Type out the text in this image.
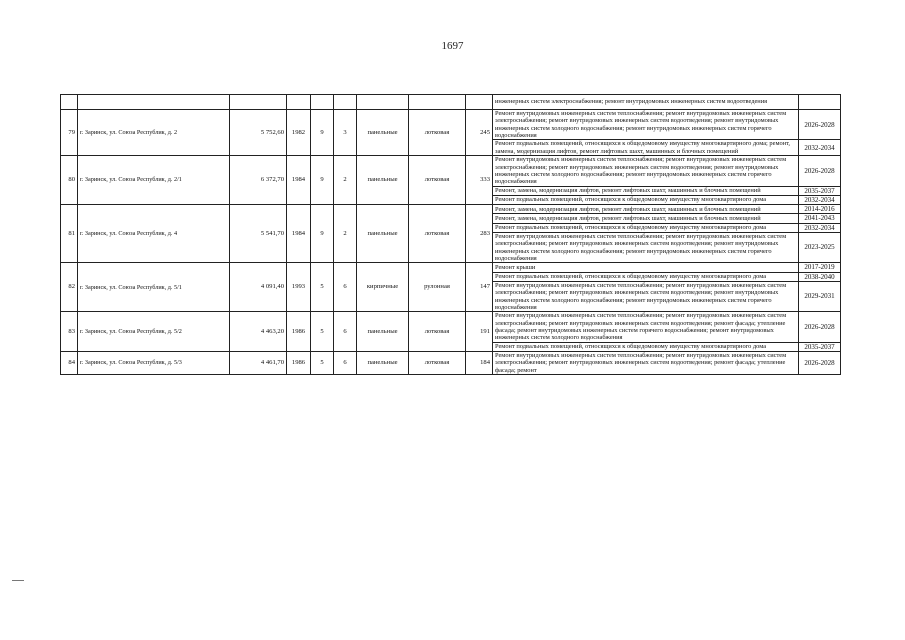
1697
									инженерных систем электроснабжения; ремонт внутридомовых инженерных систем водоотведения	
79	г. Заринск, ул. Союза Республик, д. 2	5 752,60	1982	9	3	панельные	лотковая	245	Ремонт внутридомовых инженерных систем теплоснабжения; ремонт внутридомовых инженерных систем электроснабжения; ремонт внутридомовых инженерных систем водоотведения; ремонт внутридомовых инженерных систем холодного водоснабжения; ремонт внутридомовых инженерных систем горячего водоснабжения	2026-2028
									Ремонт подвальных помещений, относящихся к общедомовому имуществу многоквартирного дома; ремонт, замена, модернизация лифтов, ремонт лифтовых шахт, машинных и блочных помещений	2032-2034
80	г. Заринск, ул. Союза Республик, д. 2/1	6 372,70	1984	9	2	панельные	лотковая	333	Ремонт внутридомовых инженерных систем теплоснабжения; ремонт внутридомовых инженерных систем электроснабжения; ремонт внутридомовых инженерных систем водоотведения; ремонт внутридомовых инженерных систем холодного водоснабжения; ремонт внутридомовых инженерных систем горячего водоснабжения	2026-2028
									Ремонт, замена, модернизация лифтов, ремонт лифтовых шахт, машинных и блочных помещений	2035-2037
									Ремонт подвальных помещений, относящихся к общедомовому имуществу многоквартирного дома	2032-2034
81	г. Заринск, ул. Союза Республик, д. 4	5 541,70	1984	9	2	панельные	лотковая	283	Ремонт, замена, модернизация лифтов, ремонт лифтовых шахт, машинных и блочных помещений	2014-2016
									Ремонт, замена, модернизация лифтов, ремонт лифтовых шахт, машинных и блочных помещений	2041-2043
									Ремонт подвальных помещений, относящихся к общедомовому имуществу многоквартирного дома	2032-2034
									Ремонт внутридомовых инженерных систем теплоснабжения; ремонт внутридомовых инженерных систем электроснабжения; ремонт внутридомовых инженерных систем водоотведения; ремонт внутридомовых инженерных систем холодного водоснабжения; ремонт внутридомовых инженерных систем горячего водоснабжения	2023-2025
82	г. Заринск, ул. Союза Республик, д. 5/1	4 091,40	1993	5	6	кирпичные	рулонная	147	Ремонт крыши	2017-2019
									Ремонт подвальных помещений, относящихся к общедомовому имуществу многоквартирного дома	2038-2040
									Ремонт внутридомовых инженерных систем теплоснабжения; ремонт внутридомовых инженерных систем электроснабжения; ремонт внутридомовых инженерных систем водоотведения; ремонт внутридомовых инженерных систем холодного водоснабжения; ремонт внутридомовых инженерных систем горячего водоснабжения	2029-2031
83	г. Заринск, ул. Союза Республик, д. 5/2	4 463,20	1986	5	6	панельные	лотковая	191	Ремонт внутридомовых инженерных систем теплоснабжения; ремонт внутридомовых инженерных систем электроснабжения; ремонт внутридомовых инженерных систем водоотведения; ремонт фасада; утепление фасада; ремонт внутридомовых инженерных систем горячего водоснабжения; ремонт внутридомовых инженерных систем холодного водоснабжения	2026-2028
									Ремонт подвальных помещений, относящихся к общедомовому имуществу многоквартирного дома	2035-2037
84	г. Заринск, ул. Союза Республик, д. 5/3	4 461,70	1986	5	6	панельные	лотковая	184	Ремонт внутридомовых инженерных систем теплоснабжения; ремонт внутридомовых инженерных систем электроснабжения; ремонт внутридомовых инженерных систем водоотведения; ремонт фасада; утепление фасада; ремонт	2026-2028
